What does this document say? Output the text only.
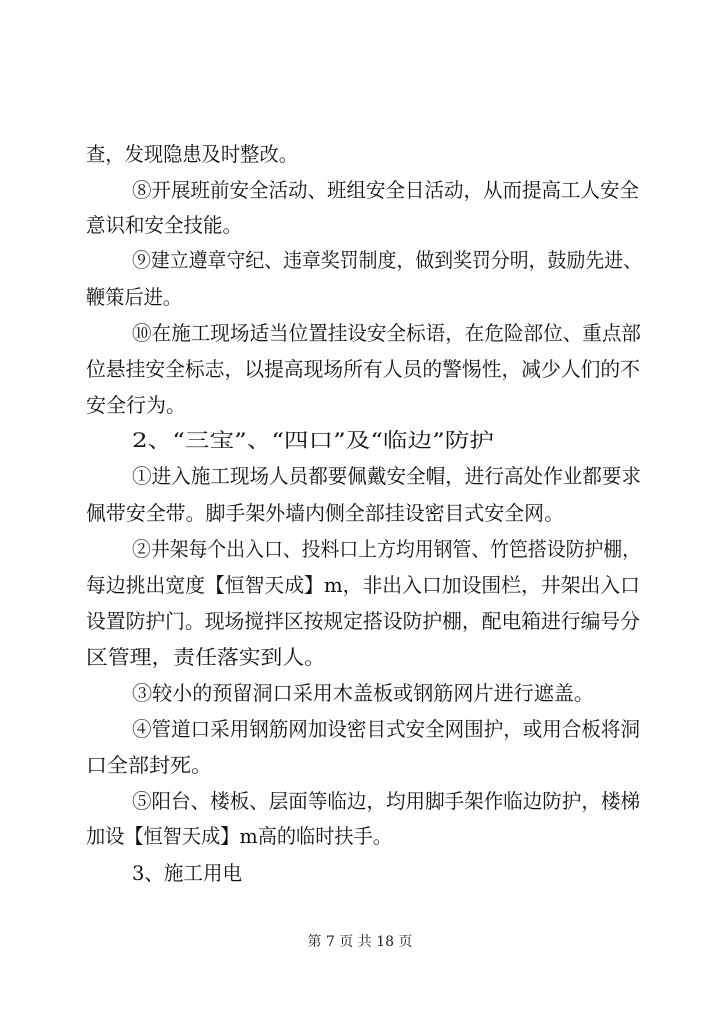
查，发现隐患及时整改。
⑧开展班前安全活动、班组安全日活动，从而提高工人安全
意识和安全技能。
⑨建立遵章守纪、违章奖罚制度，做到奖罚分明，鼓励先进、
鞭策后进。
⑩在施工现场适当位置挂设安全标语，在危险部位、重点部
位悬挂安全标志，以提高现场所有人员的警惕性，减少人们的不
安全行为。
2、“三宝”、“四口”及“临边”防护
①进入施工现场人员都要佩戴安全帽，进行高处作业都要求
佩带安全带。脚手架外墙内侧全部挂设密目式安全网。
②井架每个出入口、投料口上方均用钢管、竹笆搭设防护棚，
每边挑出宽度【恒智天成】m，非出入口加设围栏，井架出入口
设置防护门。现场搅拌区按规定搭设防护棚，配电箱进行编号分
区管理，责任落实到人。
③较小的预留洞口采用木盖板或钢筋网片进行遮盖。
④管道口采用钢筋网加设密目式安全网围护，或用合板将洞
口全部封死。
⑤阳台、楼板、层面等临边，均用脚手架作临边防护，楼梯
加设【恒智天成】m高的临时扶手。
3、施工用电
第 7 页 共 18 页
